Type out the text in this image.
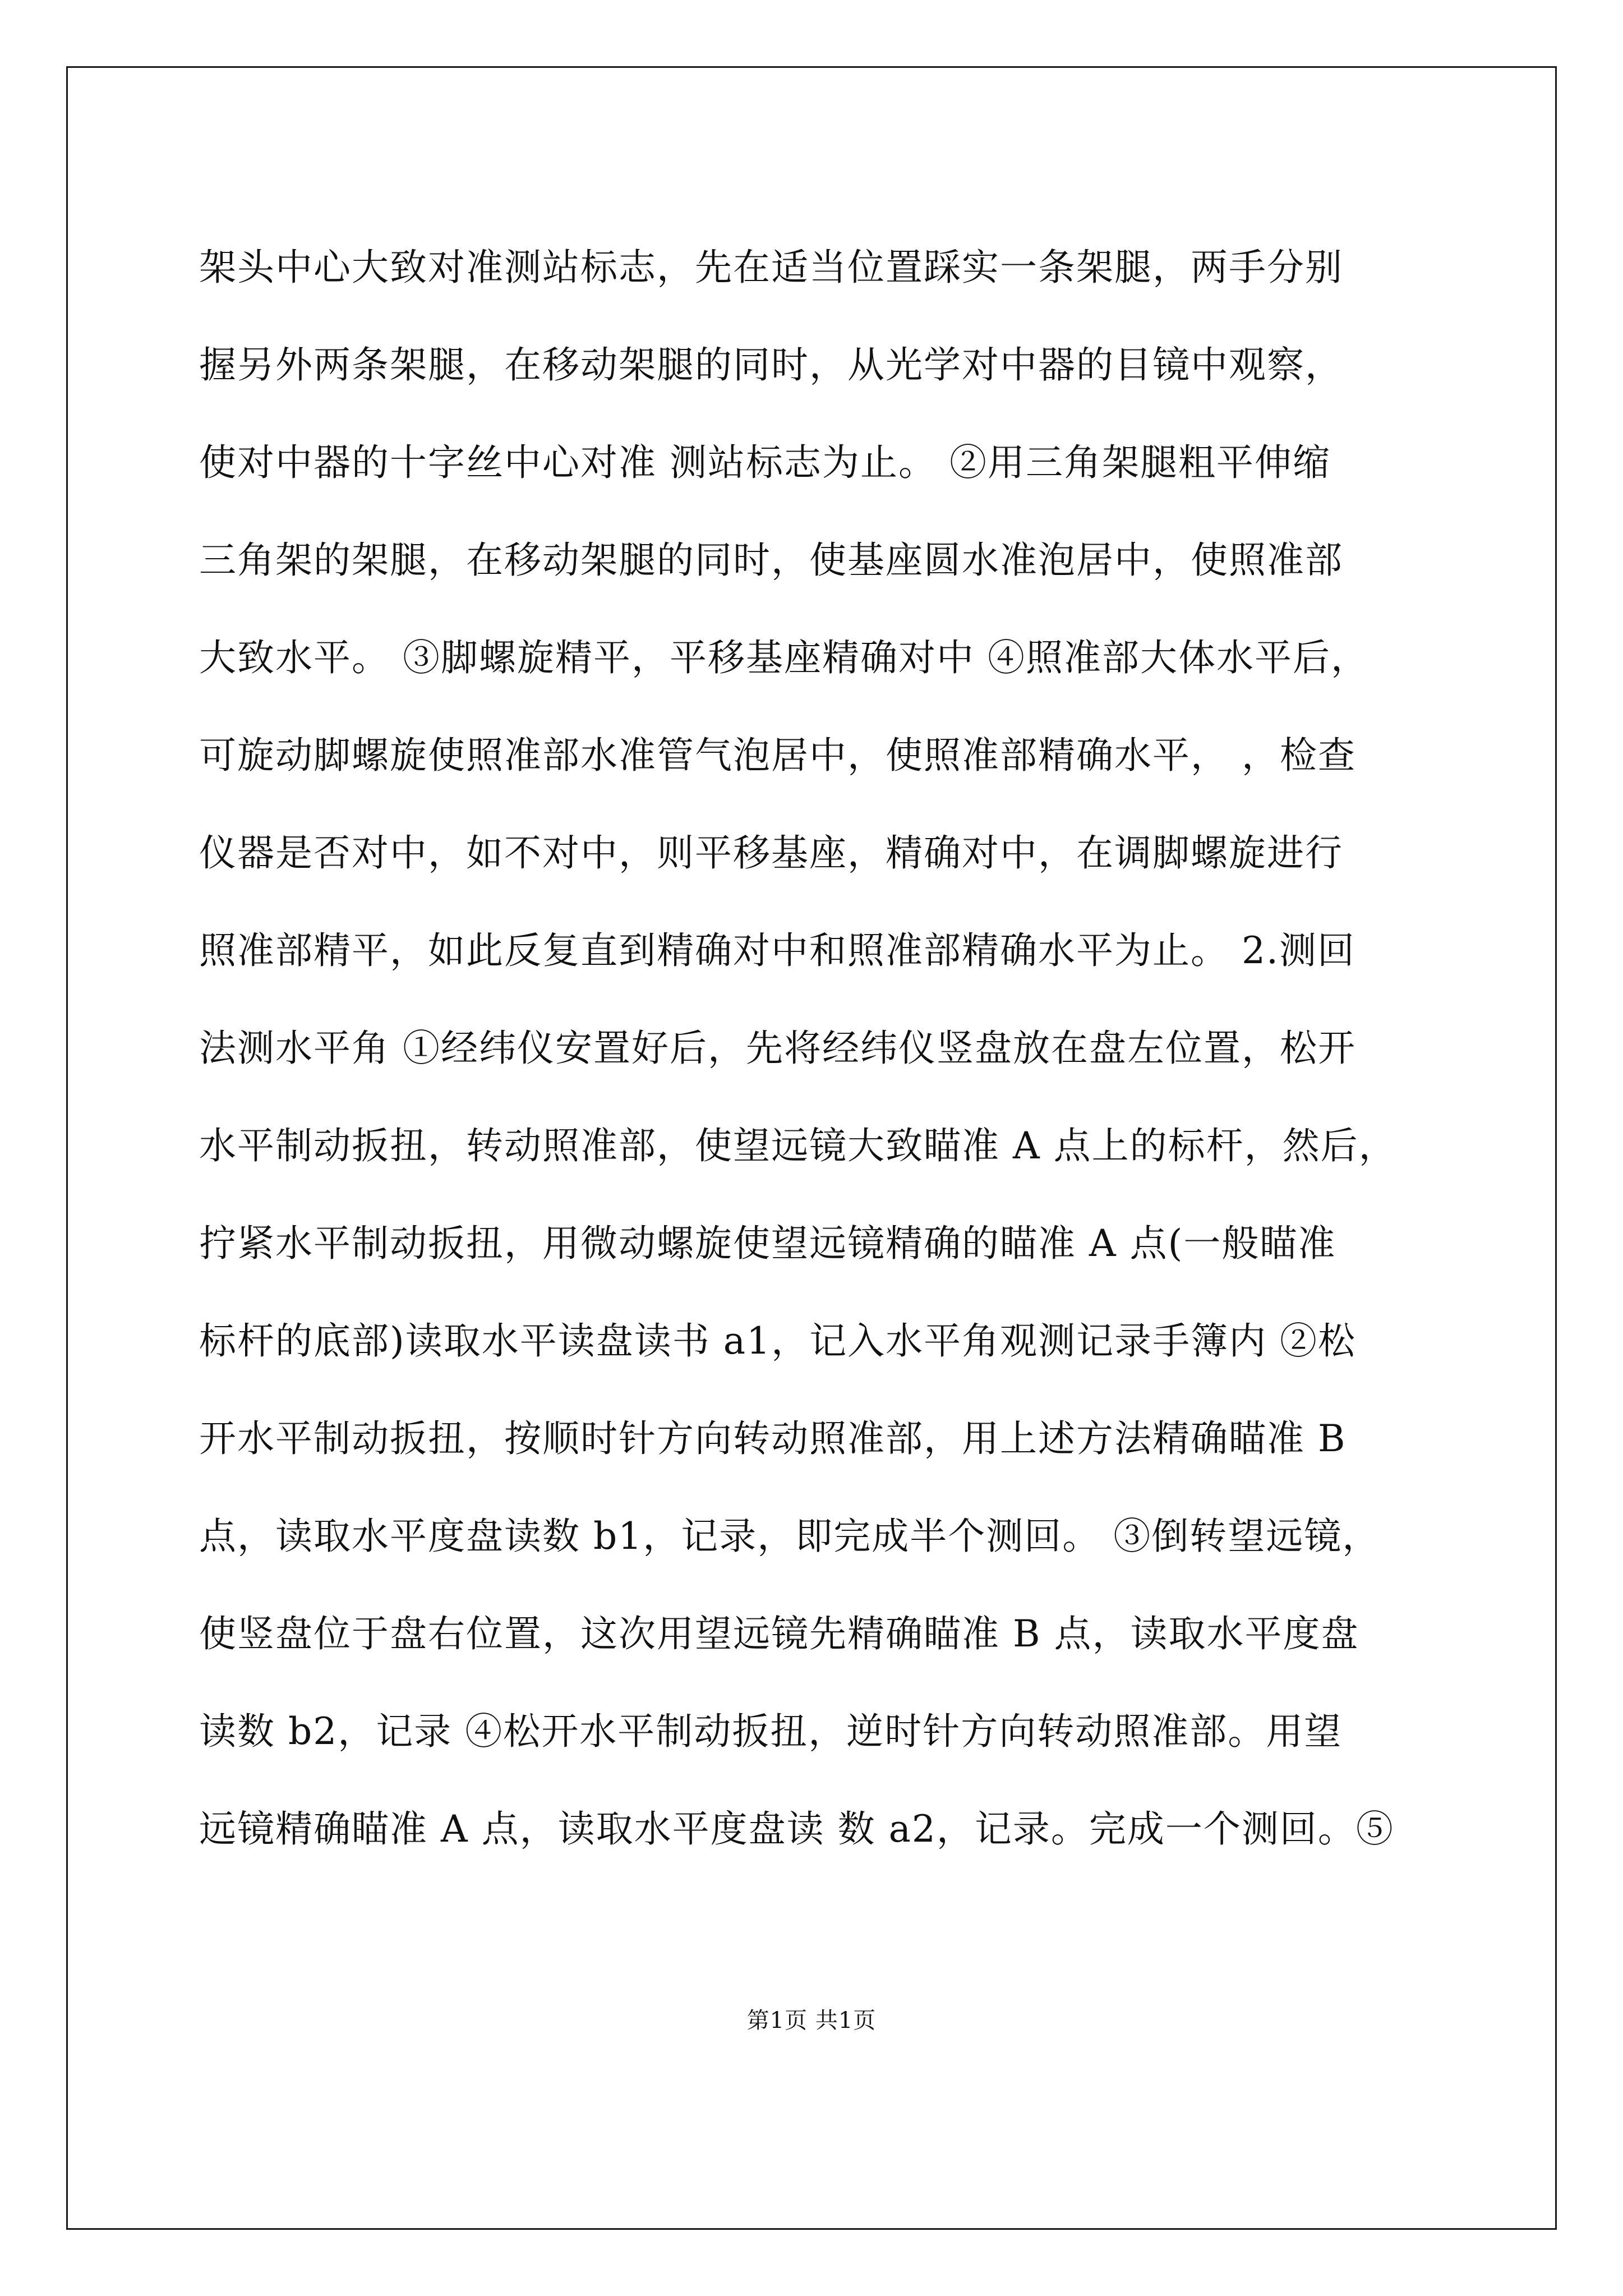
架头中心大致对准测站标志，先在适当位置踩实一条架腿，两手分别
握另外两条架腿，在移动架腿的同时，从光学对中器的目镜中观察，
使对中器的十字丝中心对准 测站标志为止。 ②用三角架腿粗平伸缩
三角架的架腿，在移动架腿的同时，使基座圆水准泡居中，使照准部
大致水平。 ③脚螺旋精平，平移基座精确对中 ④照准部大体水平后，
可旋动脚螺旋使照准部水准管气泡居中，使照准部精确水平， ，检查
仪器是否对中，如不对中，则平移基座，精确对中，在调脚螺旋进行
照准部精平，如此反复直到精确对中和照准部精确水平为止。 2.测回
法测水平角 ①经纬仪安置好后，先将经纬仪竖盘放在盘左位置，松开
水平制动扳扭，转动照准部，使望远镜大致瞄准 A 点上的标杆，然后，
拧紧水平制动扳扭，用微动螺旋使望远镜精确的瞄准 A 点(一般瞄准
标杆的底部)读取水平读盘读书 a1，记入水平角观测记录手簿内 ②松
开水平制动扳扭，按顺时针方向转动照准部，用上述方法精确瞄准 B
点，读取水平度盘读数 b1，记录，即完成半个测回。 ③倒转望远镜，
使竖盘位于盘右位置，这次用望远镜先精确瞄准 B 点，读取水平度盘
读数 b2，记录 ④松开水平制动扳扭，逆时针方向转动照准部。用望
远镜精确瞄准 A 点，读取水平度盘读 数 a2，记录。完成一个测回。⑤
第1页 共1页
